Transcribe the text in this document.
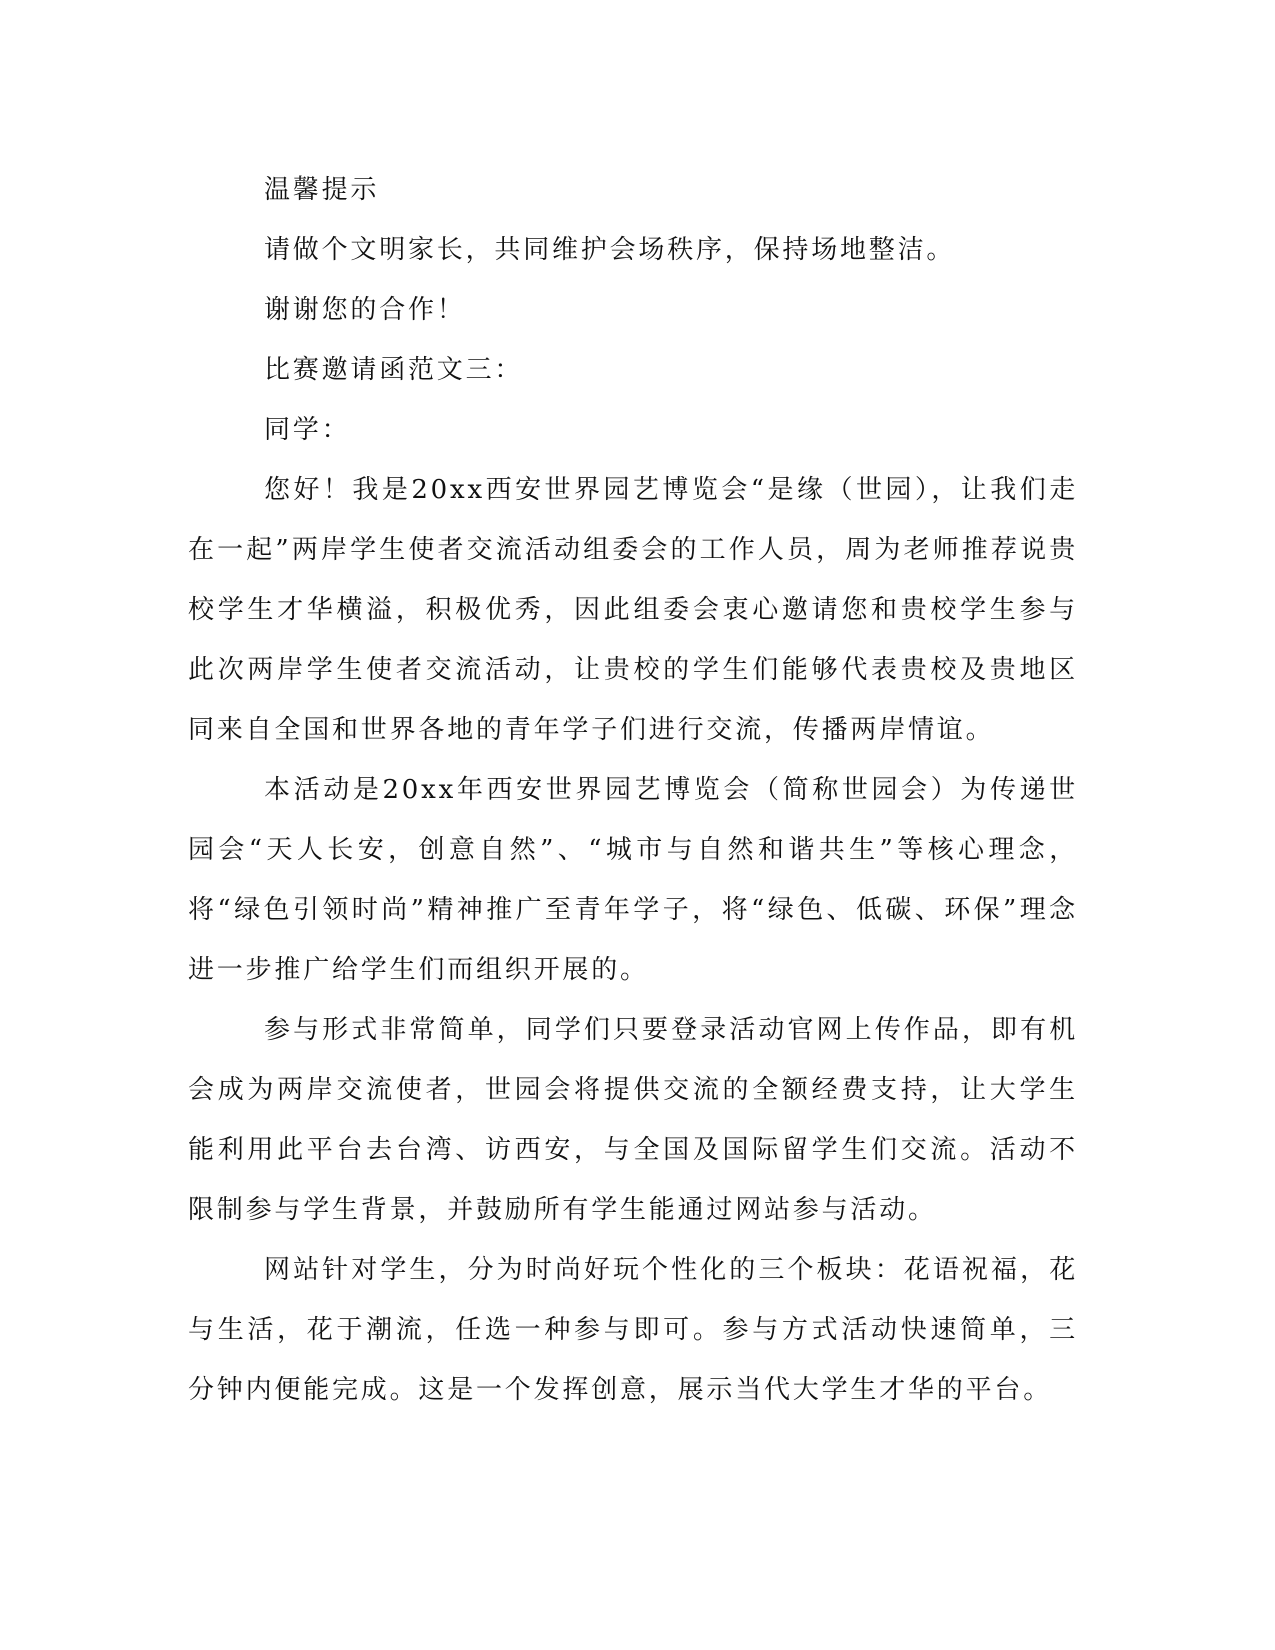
温馨提示

请做个文明家长，共同维护会场秩序，保持场地整洁。

谢谢您的合作！

比赛邀请函范文三：

同学：

您好！我是20xx西安世界园艺博览会“是缘（世园），让我们走在一起”两岸学生使者交流活动组委会的工作人员，周为老师推荐说贵校学生才华横溢，积极优秀，因此组委会衷心邀请您和贵校学生参与此次两岸学生使者交流活动，让贵校的学生们能够代表贵校及贵地区同来自全国和世界各地的青年学子们进行交流，传播两岸情谊。

本活动是20xx年西安世界园艺博览会（简称世园会）为传递世园会“天人长安，创意自然”、“城市与自然和谐共生”等核心理念，将“绿色引领时尚”精神推广至青年学子，将“绿色、低碳、环保”理念进一步推广给学生们而组织开展的。

参与形式非常简单，同学们只要登录活动官网上传作品，即有机会成为两岸交流使者，世园会将提供交流的全额经费支持，让大学生能利用此平台去台湾、访西安，与全国及国际留学生们交流。活动不限制参与学生背景，并鼓励所有学生能通过网站参与活动。

网站针对学生，分为时尚好玩个性化的三个板块：花语祝福，花与生活，花于潮流，任选一种参与即可。参与方式活动快速简单，三分钟内便能完成。这是一个发挥创意，展示当代大学生才华的平台。
